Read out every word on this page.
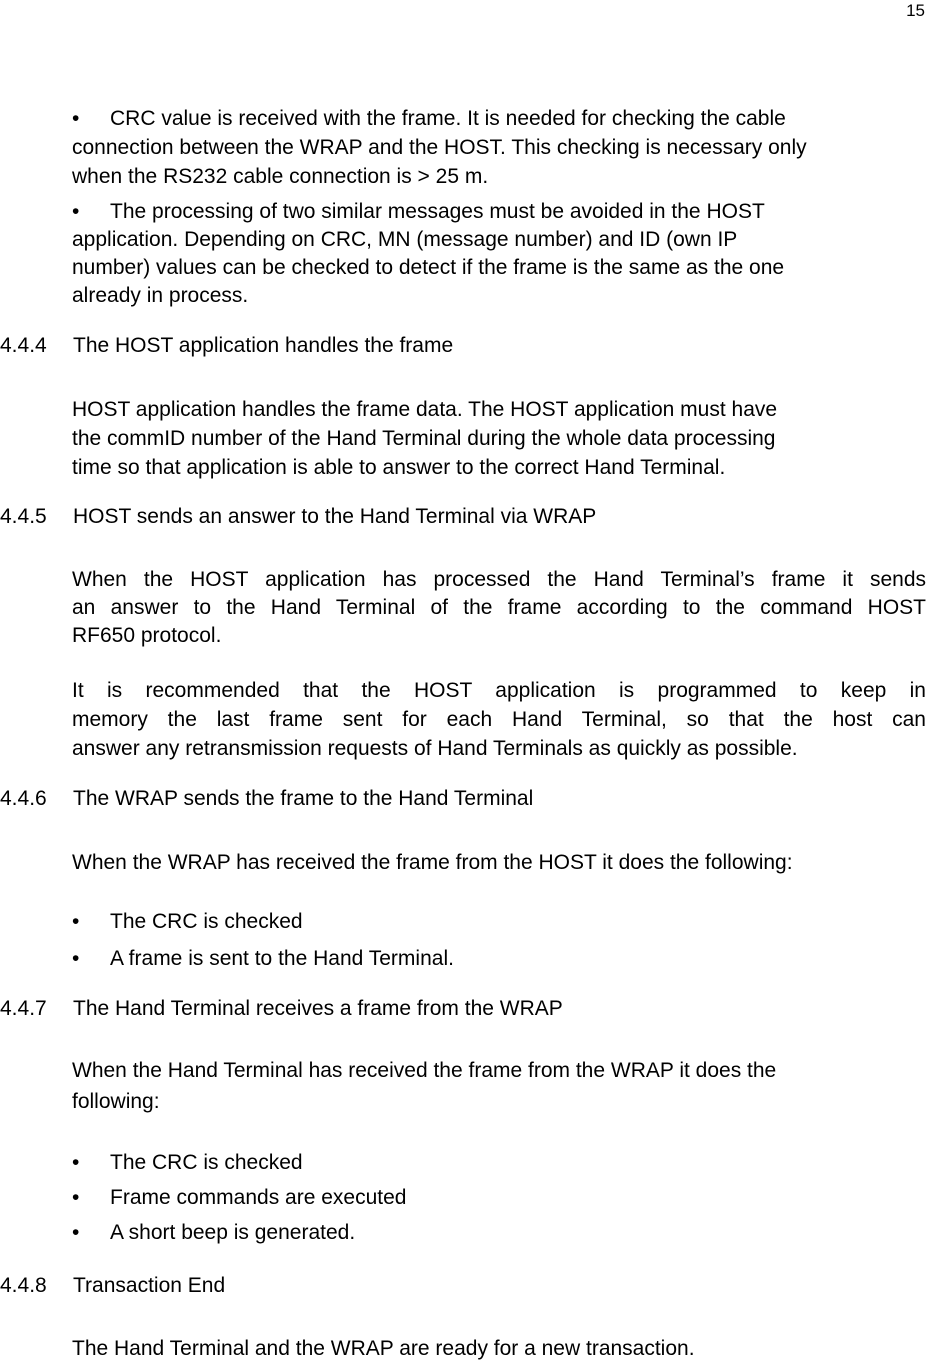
15
• CRC value is received with the frame. It is needed for checking the cable
connection between the WRAP and the HOST. This checking is necessary only
when the RS232 cable connection is > 25 m.
• The processing of two similar messages must be avoided in the HOST
application. Depending on CRC, MN (message number) and ID (own IP
number) values can be checked to detect if the frame is the same as the one
already in process.
4.4.4 The HOST application handles the frame
HOST application handles the frame data. The HOST application must have
the commID number of the Hand Terminal during the whole data processing
time so that application is able to answer to the correct Hand Terminal.
4.4.5 HOST sends an answer to the Hand Terminal via WRAP
When the HOST application has processed the Hand Terminal’s frame it sends
an answer to the Hand Terminal of the frame according to the command HOST
RF650 protocol.
It is recommended that the HOST application is programmed to keep in
memory the last frame sent for each Hand Terminal, so that the host can
answer any retransmission requests of Hand Terminals as quickly as possible.
4.4.6 The WRAP sends the frame to the Hand Terminal
When the WRAP has received the frame from the HOST it does the following:
• The CRC is checked
• A frame is sent to the Hand Terminal.
4.4.7 The Hand Terminal receives a frame from the WRAP
When the Hand Terminal has received the frame from the WRAP it does the
following:
• The CRC is checked
• Frame commands are executed
• A short beep is generated.
4.4.8 Transaction End
The Hand Terminal and the WRAP are ready for a new transaction.
